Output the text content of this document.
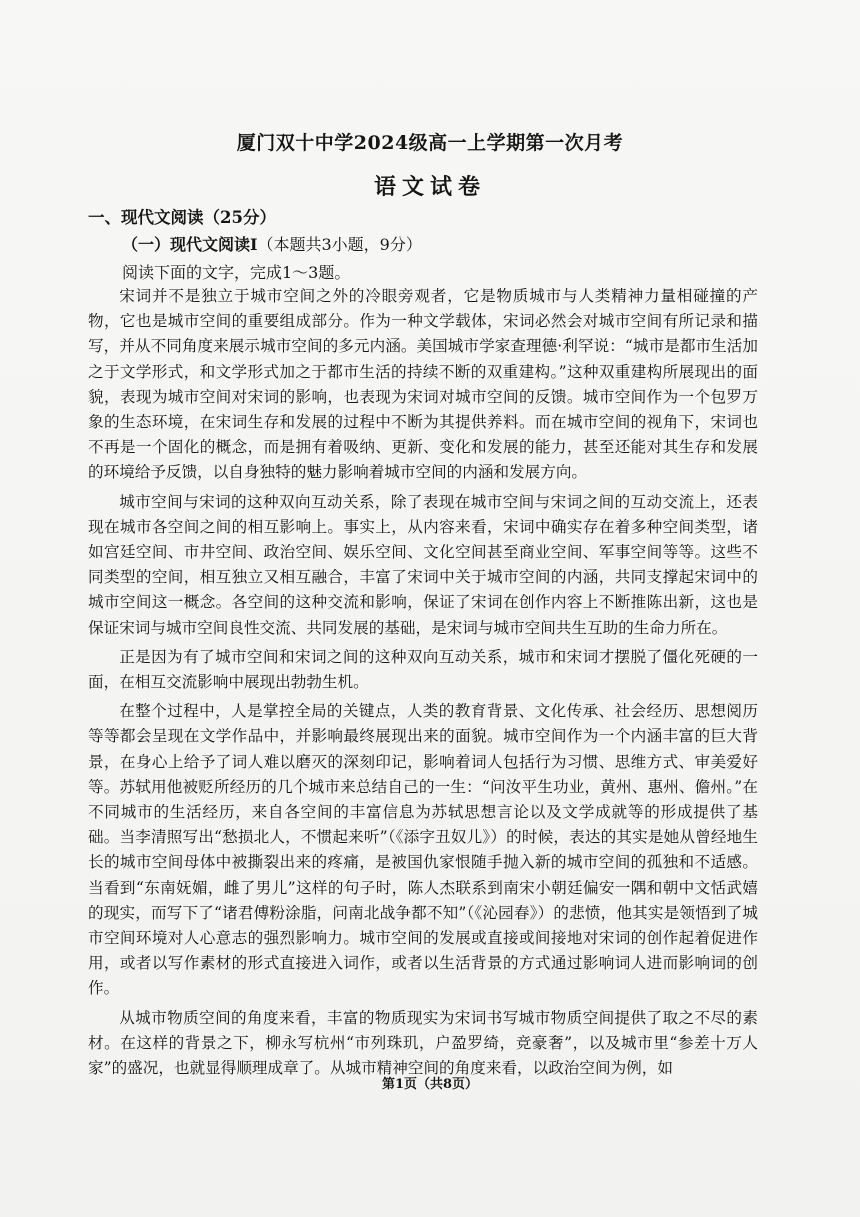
厦门双十中学2024级高一上学期第一次月考
语文试卷
一、现代文阅读（25分）
（一）现代文阅读Ⅰ（本题共3小题，9分）
阅读下面的文字，完成1～3题。

宋词并不是独立于城市空间之外的冷眼旁观者，它是物质城市与人类精神力量相碰撞的产物，它也是城市空间的重要组成部分。作为一种文学载体，宋词必然会对城市空间有所记录和描写，并从不同角度来展示城市空间的多元内涵。美国城市学家查理德·利罕说：“城市是都市生活加之于文学形式，和文学形式加之于都市生活的持续不断的双重建构。”这种双重建构所展现出的面貌，表现为城市空间对宋词的影响，也表现为宋词对城市空间的反馈。城市空间作为一个包罗万象的生态环境，在宋词生存和发展的过程中不断为其提供养料。而在城市空间的视角下，宋词也不再是一个固化的概念，而是拥有着吸纳、更新、变化和发展的能力，甚至还能对其生存和发展的环境给予反馈，以自身独特的魅力影响着城市空间的内涵和发展方向。

城市空间与宋词的这种双向互动关系，除了表现在城市空间与宋词之间的互动交流上，还表现在城市各空间之间的相互影响上。事实上，从内容来看，宋词中确实存在着多种空间类型，诸如宫廷空间、市井空间、政治空间、娱乐空间、文化空间甚至商业空间、军事空间等等。这些不同类型的空间，相互独立又相互融合，丰富了宋词中关于城市空间的内涵，共同支撑起宋词中的城市空间这一概念。各空间的这种交流和影响，保证了宋词在创作内容上不断推陈出新，这也是保证宋词与城市空间良性交流、共同发展的基础，是宋词与城市空间共生互助的生命力所在。

正是因为有了城市空间和宋词之间的这种双向互动关系，城市和宋词才摆脱了僵化死硬的一面，在相互交流影响中展现出勃勃生机。

在整个过程中，人是掌控全局的关键点，人类的教育背景、文化传承、社会经历、思想阅历等等都会呈现在文学作品中，并影响最终展现出来的面貌。城市空间作为一个内涵丰富的巨大背景，在身心上给予了词人难以磨灭的深刻印记，影响着词人包括行为习惯、思维方式、审美爱好等。苏轼用他被贬所经历的几个城市来总结自己的一生：“问汝平生功业，黄州、惠州、儋州。”在不同城市的生活经历，来自各空间的丰富信息为苏轼思想言论以及文学成就等的形成提供了基础。当李清照写出“愁损北人，不惯起来听”（《添字丑奴儿》）的时候，表达的其实是她从曾经地生长的城市空间母体中被撕裂出来的疼痛，是被国仇家恨随手抛入新的城市空间的孤独和不适感。当看到“东南妩媚，雌了男儿”这样的句子时，陈人杰联系到南宋小朝廷偏安一隅和朝中文恬武嬉的现实，而写下了“诸君傅粉涂脂，问南北战争都不知”（《沁园春》）的悲愤，他其实是领悟到了城市空间环境对人心意志的强烈影响力。城市空间的发展或直接或间接地对宋词的创作起着促进作用，或者以写作素材的形式直接进入词作，或者以生活背景的方式通过影响词人进而影响词的创作。

从城市物质空间的角度来看，丰富的物质现实为宋词书写城市物质空间提供了取之不尽的素材。在这样的背景之下，柳永写杭州“市列珠玑，户盈罗绮，竞豪奢”，以及城市里“参差十万人家”的盛况，也就显得顺理成章了。从城市精神空间的角度来看，以政治空间为例，如

第1页（共8页）
